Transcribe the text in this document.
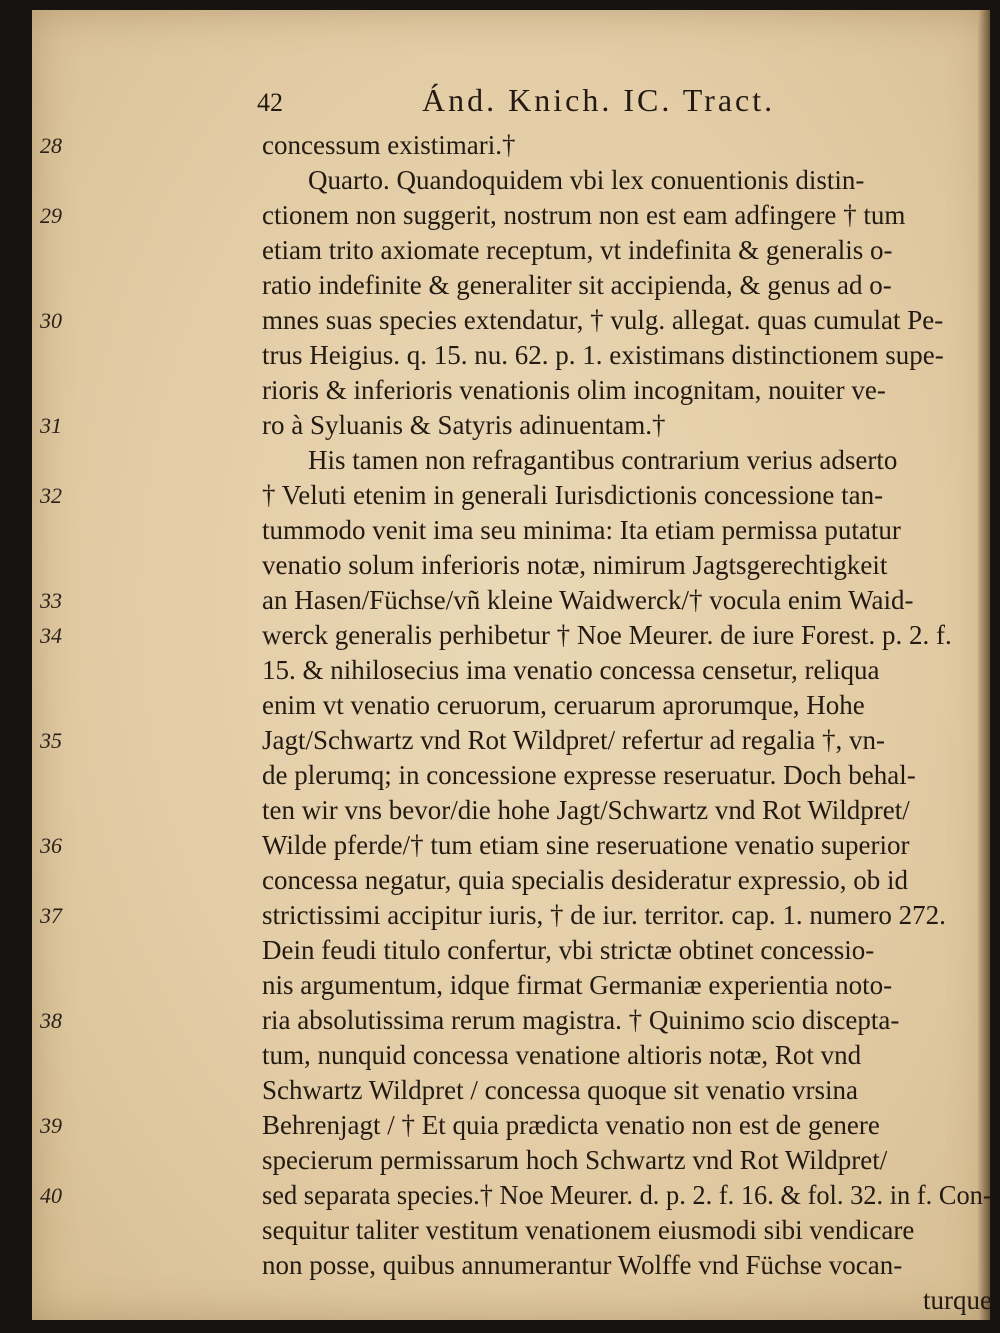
42	Ánd. Knich. IC. Tract.
28	concessum existimari.†
Quarto. Quandoquidem vbi lex conuentionis distin-
29	ctionem non suggerit, nostrum non est eam adfingere † tum
etiam trito axiomate receptum, vt indefinita & generalis o-
ratio indefinite & generaliter sit accipienda, & genus ad o-
30	mnes suas species extendatur, † vulg. allegat. quas cumulat Pe-
trus Heigius. q. 15. nu. 62. p. 1. existimans distinctionem supe-
rioris & inferioris venationis olim incognitam, nouiter ve-
31	ro à Syluanis & Satyris adinuentam.†
His tamen non refragantibus contrarium verius adserto
32	† Veluti etenim in generali Iurisdictionis concessione tan-
tummodo venit ima seu minima: Ita etiam permissa putatur
venatio solum inferioris notæ, nimirum Jagtsgerechtigkeit
33	an Hasen/Füchse/vñ kleine Waidwerck/† vocula enim Waid-
34	werck generalis perhibetur † Noe Meurer. de iure Forest. p. 2. f.
15. & nihilosecius ima venatio concessa censetur, reliqua
enim vt venatio ceruorum, ceruarum aprorumque, Hohe
35	Jagt/Schwartz vnd Rot Wildpret/ refertur ad regalia †, vn-
de plerumq; in concessione expresse reseruatur. Doch behal-
ten wir vns bevor/die hohe Jagt/Schwartz vnd Rot Wildpret/
36	Wilde pferde/† tum etiam sine reseruatione venatio superior
concessa negatur, quia specialis desideratur expressio, ob id
37	strictissimi accipitur iuris, † de iur. territor. cap. 1. numero 272.
Dein feudi titulo confertur, vbi strictæ obtinet concessio-
nis argumentum, idque firmat Germaniæ experientia noto-
38	ria absolutissima rerum magistra. † Quinimo scio discepta-
tum, nunquid concessa venatione altioris notæ, Rot vnd
Schwartz Wildpret / concessa quoque sit venatio vrsina
39	Behrenjagt / † Et quia prædicta venatio non est de genere
specierum permissarum hoch Schwartz vnd Rot Wildpret/
40	sed separata species.† Noe Meurer. d. p. 2. f. 16. & fol. 32. in f. Con-
sequitur taliter vestitum venationem eiusmodi sibi vendicare
non posse, quibus annumerantur Wolffe vnd Füchse vocan-
turque
